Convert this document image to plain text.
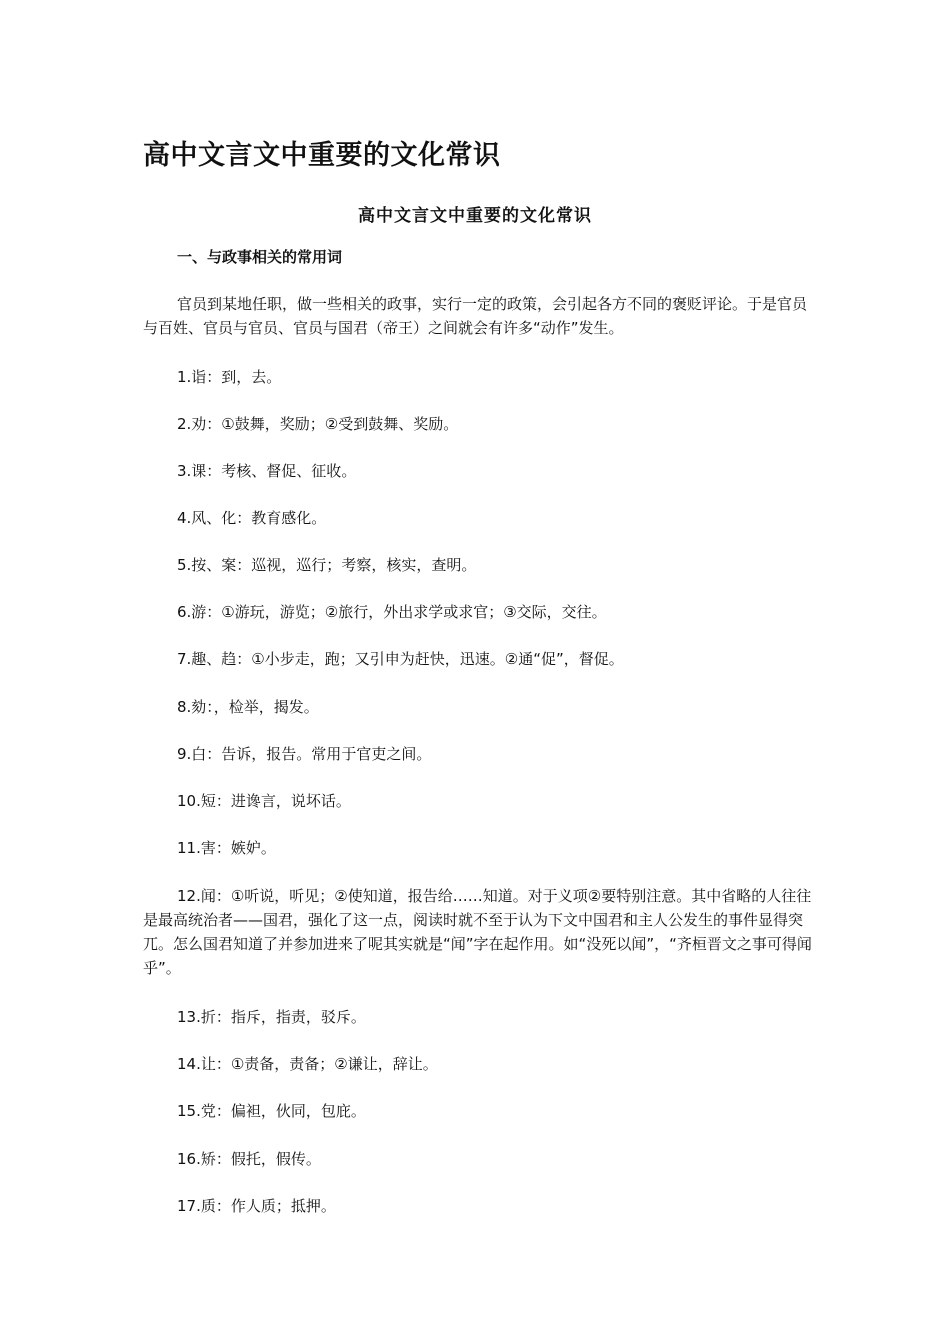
高中文言文中重要的文化常识
高中文言文中重要的文化常识
一、与政事相关的常用词

官员到某地任职，做一些相关的政事，实行一定的政策，会引起各方不同的褒贬评论。于是官员与百姓、官员与官员、官员与国君（帝王）之间就会有许多“动作”发生。

1.诣：到，去。

2.劝：①鼓舞，奖励；②受到鼓舞、奖励。

3.课：考核、督促、征收。

4.风、化：教育感化。

5.按、案：巡视，巡行；考察，核实，查明。

6.游：①游玩，游览；②旅行，外出求学或求官；③交际，交往。

7.趣、趋：①小步走，跑；又引申为赶快，迅速。②通“促”，督促。

8.劾：，检举，揭发。

9.白：告诉，报告。常用于官吏之间。

10.短：进谗言，说坏话。

11.害：嫉妒。

12.闻：①听说，听见；②使知道，报告给……知道。对于义项②要特别注意。其中省略的人往往是最高统治者——国君，强化了这一点，阅读时就不至于认为下文中国君和主人公发生的事件显得突兀。怎么国君知道了并参加进来了呢其实就是“闻”字在起作用。如“没死以闻”，“齐桓晋文之事可得闻乎”。

13.折：指斥，指责，驳斥。

14.让：①责备，责备；②谦让，辞让。

15.党：偏袒，伙同，包庇。

16.矫：假托，假传。

17.质：作人质；抵押。
